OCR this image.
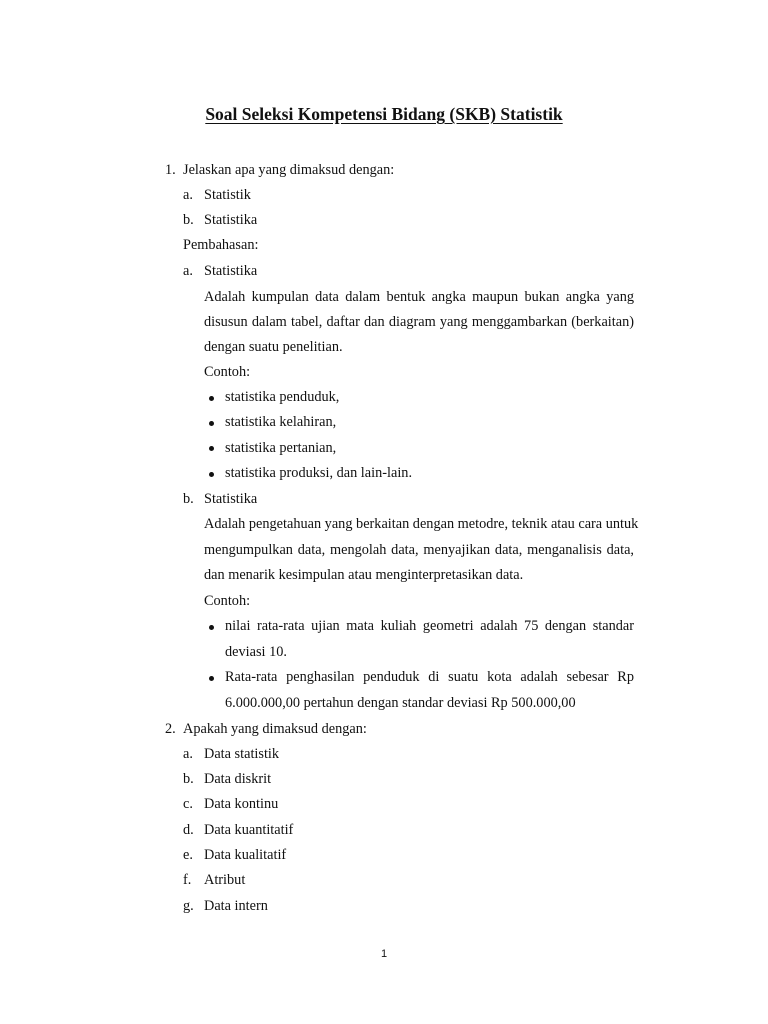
Soal Seleksi Kompetensi Bidang (SKB) Statistik
1. Jelaskan apa yang dimaksud dengan:
a. Statistik
b. Statistika
Pembahasan:
a. Statistika
Adalah kumpulan data dalam bentuk angka maupun bukan angka yang
disusun dalam tabel, daftar dan diagram yang menggambarkan (berkaitan)
dengan suatu penelitian.
Contoh:
statistika penduduk,
statistika kelahiran,
statistika pertanian,
statistika produksi, dan lain-lain.
b. Statistika
Adalah pengetahuan yang berkaitan dengan metodre, teknik atau cara untuk
mengumpulkan data, mengolah data, menyajikan data, menganalisis data,
dan menarik kesimpulan atau menginterpretasikan data.
Contoh:
nilai rata-rata ujian mata kuliah geometri adalah 75 dengan standar
deviasi 10.
Rata-rata penghasilan penduduk di suatu kota adalah sebesar Rp
6.000.000,00 pertahun dengan standar deviasi Rp 500.000,00
2. Apakah yang dimaksud dengan:
a. Data statistik
b. Data diskrit
c. Data kontinu
d. Data kuantitatif
e. Data kualitatif
f. Atribut
g. Data intern
1
